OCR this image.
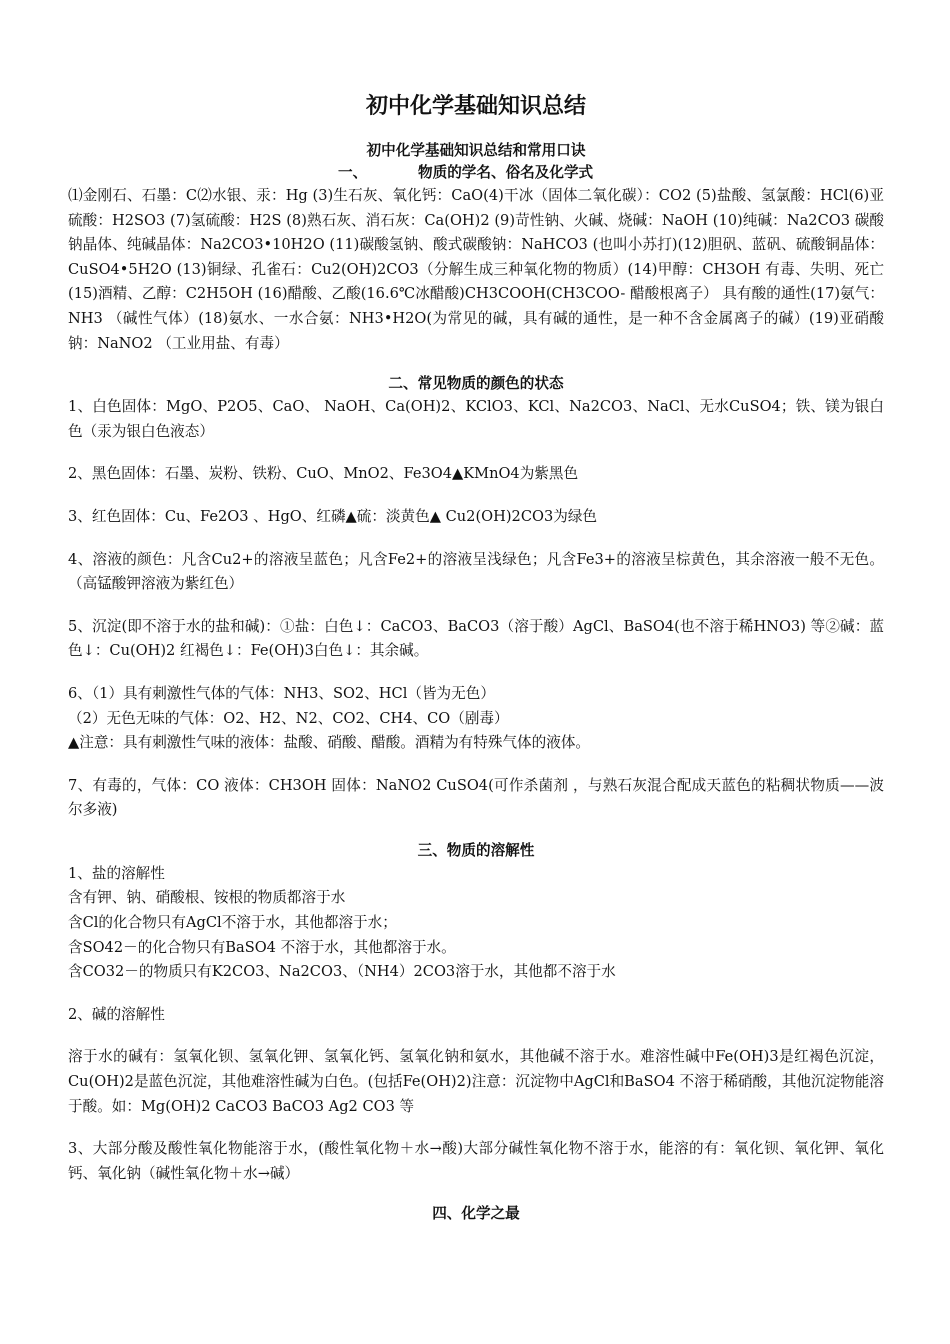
初中化学基础知识总结
初中化学基础知识总结和常用口诀
一、	物质的学名、俗名及化学式

⑴金刚石、石墨：C⑵水银、汞：Hg (3)生石灰、氧化钙：CaO(4)干冰（固体二氧化碳）：CO2 (5)盐酸、氢氯酸：HCl(6)亚硫酸：H2SO3 (7)氢硫酸：H2S (8)熟石灰、消石灰：Ca(OH)2 (9)苛性钠、火碱、烧碱：NaOH (10)纯碱：Na2CO3 碳酸钠晶体、纯碱晶体：Na2CO3•10H2O (11)碳酸氢钠、酸式碳酸钠：NaHCO3 (也叫小苏打)(12)胆矾、蓝矾、硫酸铜晶体：CuSO4•5H2O (13)铜绿、孔雀石：Cu2(OH)2CO3（分解生成三种氧化物的物质）(14)甲醇：CH3OH 有毒、失明、死亡(15)酒精、乙醇：C2H5OH (16)醋酸、乙酸(16.6℃冰醋酸)CH3COOH(CH3COO- 醋酸根离子） 具有酸的通性(17)氨气：NH3 （碱性气体）(18)氨水、一水合氨：NH3•H2O(为常见的碱，具有碱的通性，是一种不含金属离子的碱）(19)亚硝酸钠：NaNO2 （工业用盐、有毒）

二、常见物质的颜色的状态

1、白色固体：MgO、P2O5、CaO、 NaOH、Ca(OH)2、KClO3、KCl、Na2CO3、NaCl、无水CuSO4；铁、镁为银白色（汞为银白色液态）

2、黑色固体：石墨、炭粉、铁粉、CuO、MnO2、Fe3O4▲KMnO4为紫黑色

3、红色固体：Cu、Fe2O3 、HgO、红磷▲硫：淡黄色▲ Cu2(OH)2CO3为绿色

4、溶液的颜色：凡含Cu2+的溶液呈蓝色；凡含Fe2+的溶液呈浅绿色；凡含Fe3+的溶液呈棕黄色，其余溶液一般不无色。（高锰酸钾溶液为紫红色）

5、沉淀(即不溶于水的盐和碱)：①盐：白色↓：CaCO3、BaCO3（溶于酸）AgCl、BaSO4(也不溶于稀HNO3) 等②碱：蓝色↓：Cu(OH)2 红褐色↓：Fe(OH)3白色↓：其余碱。

6、（1）具有刺激性气体的气体：NH3、SO2、HCl（皆为无色）

（2）无色无味的气体：O2、H2、N2、CO2、CH4、CO（剧毒）

▲注意：具有刺激性气味的液体：盐酸、硝酸、醋酸。酒精为有特殊气体的液体。

7、有毒的，气体：CO 液体：CH3OH 固体：NaNO2 CuSO4(可作杀菌剂 ，与熟石灰混合配成天蓝色的粘稠状物质——波尔多液)

三、物质的溶解性

1、盐的溶解性

含有钾、钠、硝酸根、铵根的物质都溶于水

含Cl的化合物只有AgCl不溶于水，其他都溶于水；

含SO42－的化合物只有BaSO4 不溶于水，其他都溶于水。

含CO32－的物质只有K2CO3、Na2CO3、（NH4）2CO3溶于水，其他都不溶于水

2、碱的溶解性

溶于水的碱有：氢氧化钡、氢氧化钾、氢氧化钙、氢氧化钠和氨水，其他碱不溶于水。难溶性碱中Fe(OH)3是红褐色沉淀，Cu(OH)2是蓝色沉淀，其他难溶性碱为白色。(包括Fe(OH)2)注意：沉淀物中AgCl和BaSO4 不溶于稀硝酸，其他沉淀物能溶于酸。如：Mg(OH)2 CaCO3 BaCO3 Ag2 CO3 等

3、大部分酸及酸性氧化物能溶于水，(酸性氧化物＋水→酸)大部分碱性氧化物不溶于水，能溶的有：氧化钡、氧化钾、氧化钙、氧化钠（碱性氧化物＋水→碱）

四、化学之最
